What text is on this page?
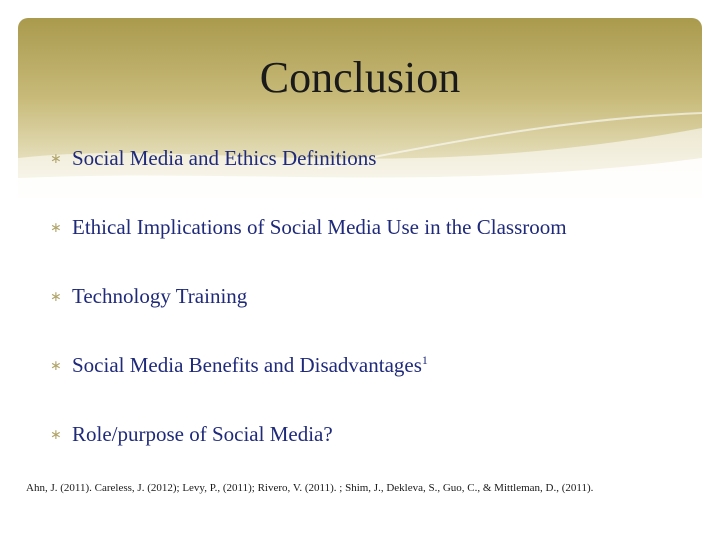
Conclusion
∗ Social Media and Ethics Definitions
∗ Ethical Implications of Social Media Use in the Classroom
∗ Technology Training
∗ Social Media Benefits and Disadvantages$^1$
∗ Role/purpose of Social Media?

Ahn, J. (2011). Careless, J. (2012); Levy, P., (2011); Rivero, V. (2011). ; Shim, J., Dekleva, S., Guo, C., & Mittleman, D., (2011).
